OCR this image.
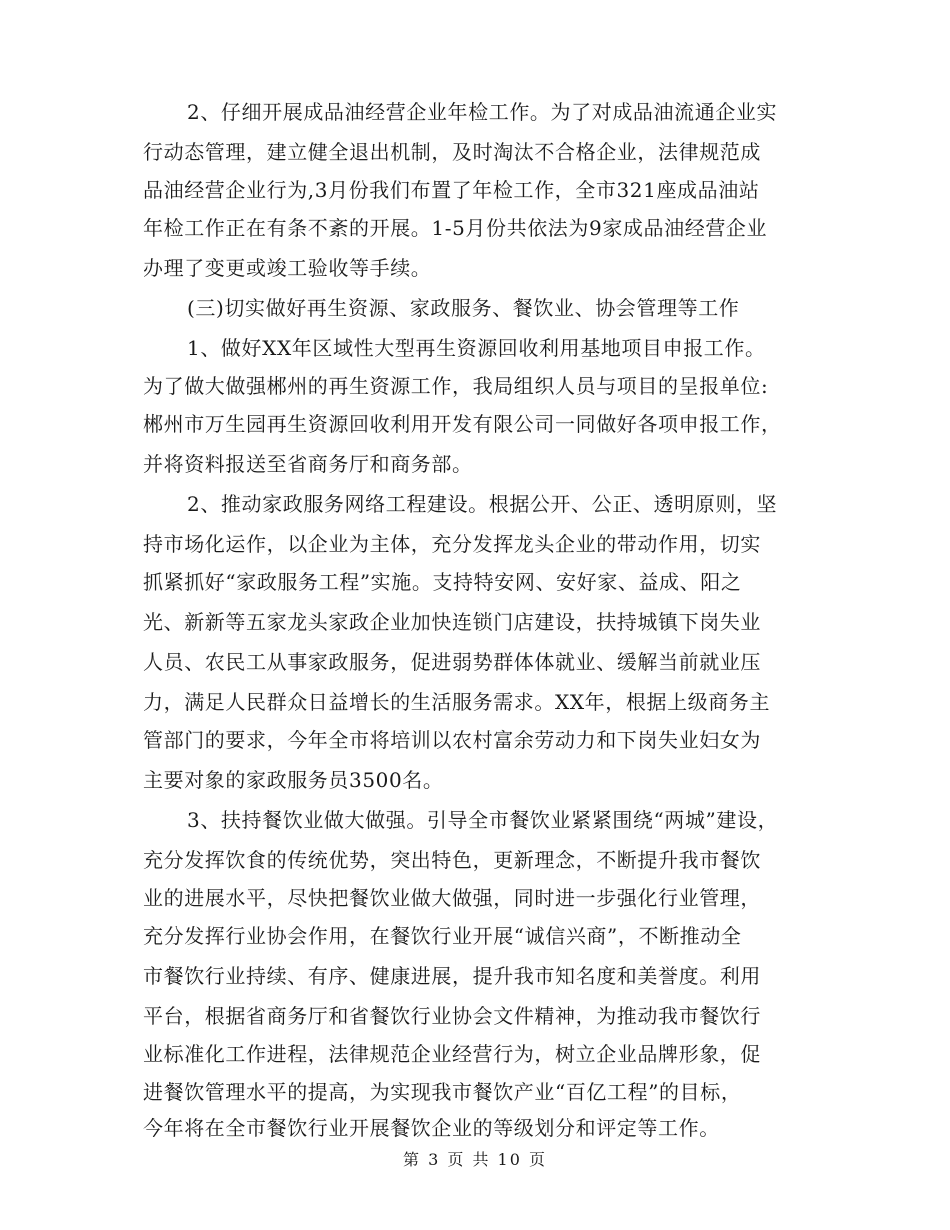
2、仔细开展成品油经营企业年检工作。为了对成品油流通企业实
行动态管理，建立健全退出机制，及时淘汰不合格企业，法律规范成
品油经营企业行为,3月份我们布置了年检工作，全市321座成品油站
年检工作正在有条不紊的开展。1-5月份共依法为9家成品油经营企业
办理了变更或竣工验收等手续。
(三)切实做好再生资源、家政服务、餐饮业、协会管理等工作
1、做好XX年区域性大型再生资源回收利用基地项目申报工作。
为了做大做强郴州的再生资源工作，我局组织人员与项目的呈报单位:
郴州市万生园再生资源回收利用开发有限公司一同做好各项申报工作，
并将资料报送至省商务厅和商务部。
2、推动家政服务网络工程建设。根据公开、公正、透明原则，坚
持市场化运作，以企业为主体，充分发挥龙头企业的带动作用，切实
抓紧抓好“家政服务工程”实施。支持特安网、安好家、益成、阳之
光、新新等五家龙头家政企业加快连锁门店建设，扶持城镇下岗失业
人员、农民工从事家政服务，促进弱势群体体就业、缓解当前就业压
力，满足人民群众日益增长的生活服务需求。XX年，根据上级商务主
管部门的要求，今年全市将培训以农村富余劳动力和下岗失业妇女为
主要对象的家政服务员3500名。
3、扶持餐饮业做大做强。引导全市餐饮业紧紧围绕“两城”建设，
充分发挥饮食的传统优势，突出特色，更新理念，不断提升我市餐饮
业的进展水平，尽快把餐饮业做大做强，同时进一步强化行业管理，
充分发挥行业协会作用，在餐饮行业开展“诚信兴商”，不断推动全
市餐饮行业持续、有序、健康进展，提升我市知名度和美誉度。利用
平台，根据省商务厅和省餐饮行业协会文件精神，为推动我市餐饮行
业标准化工作进程，法律规范企业经营行为，树立企业品牌形象，促
进餐饮管理水平的提高，为实现我市餐饮产业“百亿工程”的目标，
今年将在全市餐饮行业开展餐饮企业的等级划分和评定等工作。
第 3 页 共 10 页
